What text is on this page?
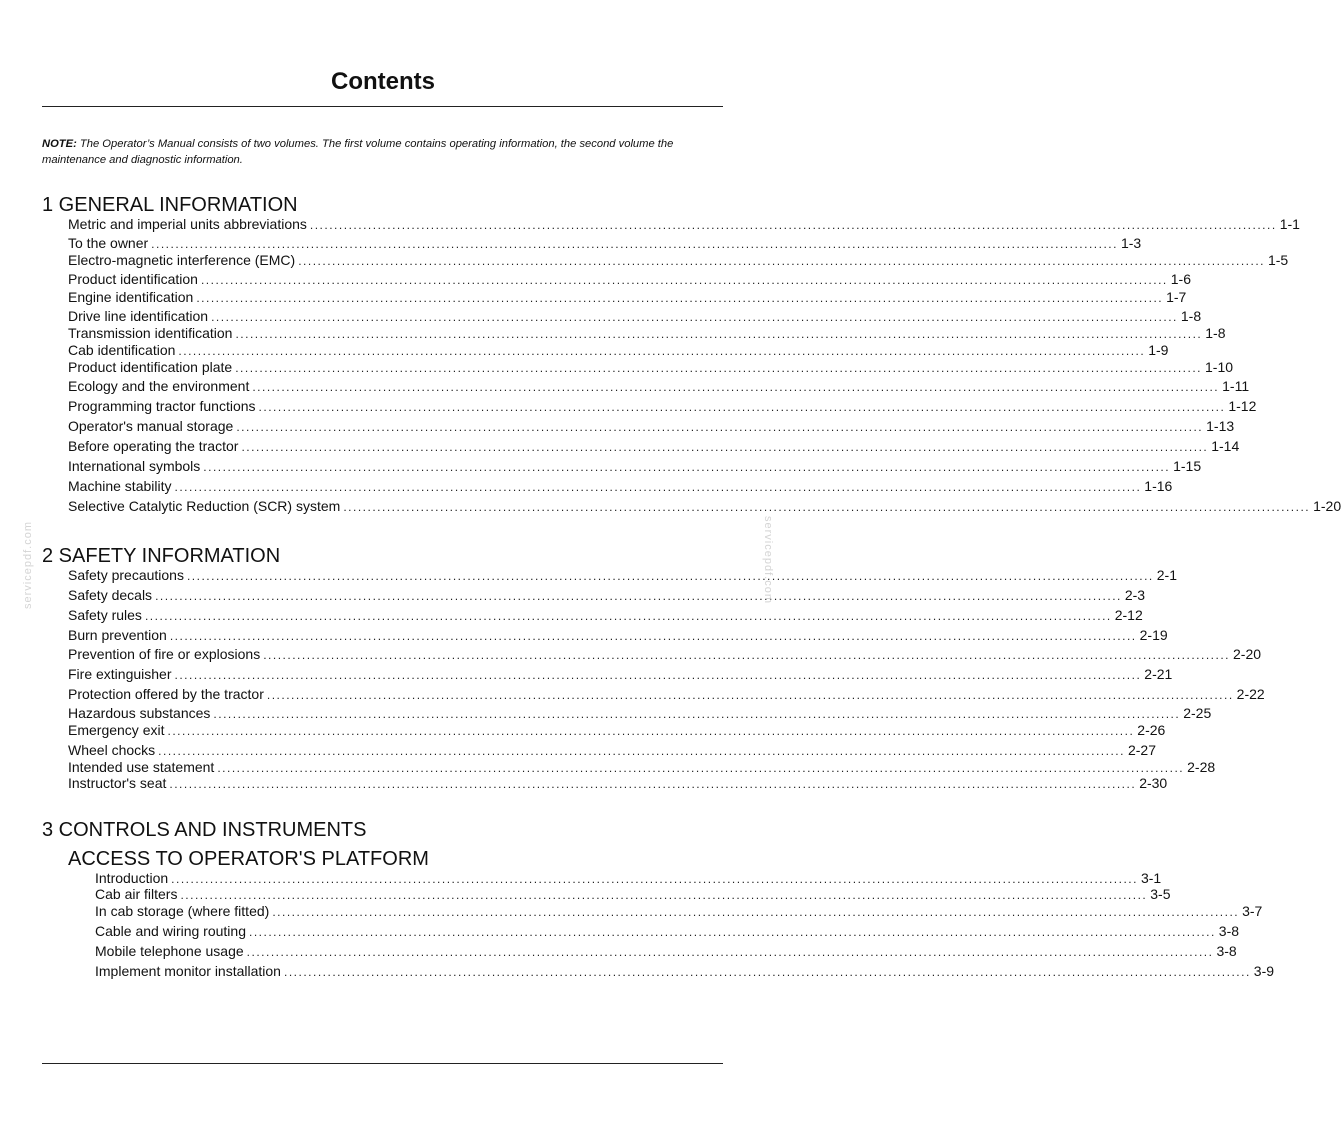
Contents
NOTE: The Operator’s Manual consists of two volumes. The first volume contains operating information, the second volume the maintenance and diagnostic information.
1 GENERAL INFORMATION
Metric and imperial units abbreviations ........................................................................................................................................................................................................ 1-1
To the owner ........................................................................................................................................................................................................ 1-3
Electro-magnetic interference (EMC) ........................................................................................................................................................................................................ 1-5
Product identification ........................................................................................................................................................................................................ 1-6
Engine identification ........................................................................................................................................................................................................ 1-7
Drive line identification ........................................................................................................................................................................................................ 1-8
Transmission identification ........................................................................................................................................................................................................ 1-8
Cab identification ........................................................................................................................................................................................................ 1-9
Product identification plate ........................................................................................................................................................................................................ 1-10
Ecology and the environment ........................................................................................................................................................................................................ 1-11
Programming tractor functions ........................................................................................................................................................................................................ 1-12
Operator's manual storage ........................................................................................................................................................................................................ 1-13
Before operating the tractor ........................................................................................................................................................................................................ 1-14
International symbols ........................................................................................................................................................................................................ 1-15
Machine stability ........................................................................................................................................................................................................ 1-16
Selective Catalytic Reduction (SCR) system ........................................................................................................................................................................................................ 1-20
2 SAFETY INFORMATION
Safety precautions ........................................................................................................................................................................................................ 2-1
Safety decals ........................................................................................................................................................................................................ 2-3
Safety rules ........................................................................................................................................................................................................ 2-12
Burn prevention ........................................................................................................................................................................................................ 2-19
Prevention of fire or explosions ........................................................................................................................................................................................................ 2-20
Fire extinguisher ........................................................................................................................................................................................................ 2-21
Protection offered by the tractor ........................................................................................................................................................................................................ 2-22
Hazardous substances ........................................................................................................................................................................................................ 2-25
Emergency exit ........................................................................................................................................................................................................ 2-26
Wheel chocks ........................................................................................................................................................................................................ 2-27
Intended use statement ........................................................................................................................................................................................................ 2-28
Instructor's seat ........................................................................................................................................................................................................ 2-30
3 CONTROLS AND INSTRUMENTS
ACCESS TO OPERATOR'S PLATFORM
Introduction ........................................................................................................................................................................................................ 3-1
Cab air filters ........................................................................................................................................................................................................ 3-5
In cab storage (where fitted) ........................................................................................................................................................................................................ 3-7
Cable and wiring routing ........................................................................................................................................................................................................ 3-8
Mobile telephone usage ........................................................................................................................................................................................................ 3-8
Implement monitor installation ........................................................................................................................................................................................................ 3-9
servicepdf.com	servicepdf.com
